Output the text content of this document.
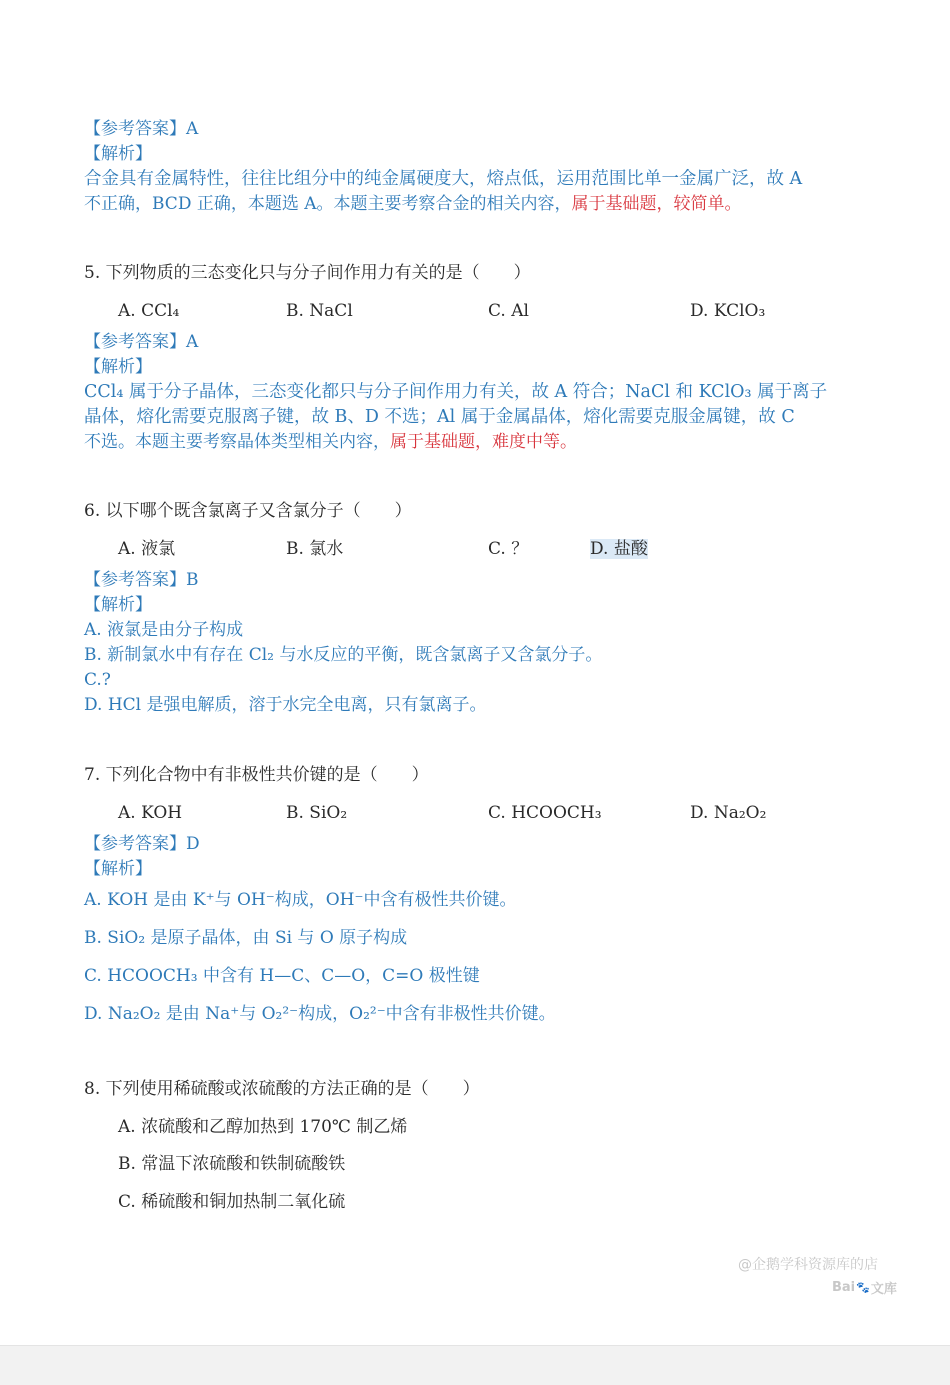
【参考答案】A
【解析】
合金具有金属特性，往往比组分中的纯金属硬度大，熔点低，运用范围比单一金属广泛，故 A
不正确，BCD 正确，本题选 A。本题主要考察合金的相关内容，属于基础题，较简单。
5. 下列物质的三态变化只与分子间作用力有关的是（　　）
A. CCl₄	B. NaCl	C. Al	D. KClO₃
【参考答案】A
【解析】
CCl₄ 属于分子晶体，三态变化都只与分子间作用力有关，故 A 符合；NaCl 和 KClO₃ 属于离子
晶体，熔化需要克服离子键，故 B、D 不选；Al 属于金属晶体，熔化需要克服金属键，故 C
不选。本题主要考察晶体类型相关内容，属于基础题，难度中等。
6. 以下哪个既含氯离子又含氯分子（　　）
A. 液氯	B. 氯水	C. ？	D. 盐酸
【参考答案】B
【解析】
A. 液氯是由分子构成
B. 新制氯水中有存在 Cl₂ 与水反应的平衡，既含氯离子又含氯分子。
C.?
D. HCl 是强电解质，溶于水完全电离，只有氯离子。
7. 下列化合物中有非极性共价键的是（　　）
A. KOH	B. SiO₂	C. HCOOCH₃	D. Na₂O₂
【参考答案】D
【解析】
A. KOH 是由 K⁺与 OH⁻构成，OH⁻中含有极性共价键。
B. SiO₂ 是原子晶体，由 Si 与 O 原子构成
C. HCOOCH₃ 中含有 H—C、C—O，C=O 极性键
D. Na₂O₂ 是由 Na⁺与 O₂²⁻构成，O₂²⁻中含有非极性共价键。
8. 下列使用稀硫酸或浓硫酸的方法正确的是（　　）
A. 浓硫酸和乙醇加热到 170℃ 制乙烯
B. 常温下浓硫酸和铁制硫酸铁
C. 稀硫酸和铜加热制二氧化硫
@企鹅学科资源库的店
Bai 🐾 文库
